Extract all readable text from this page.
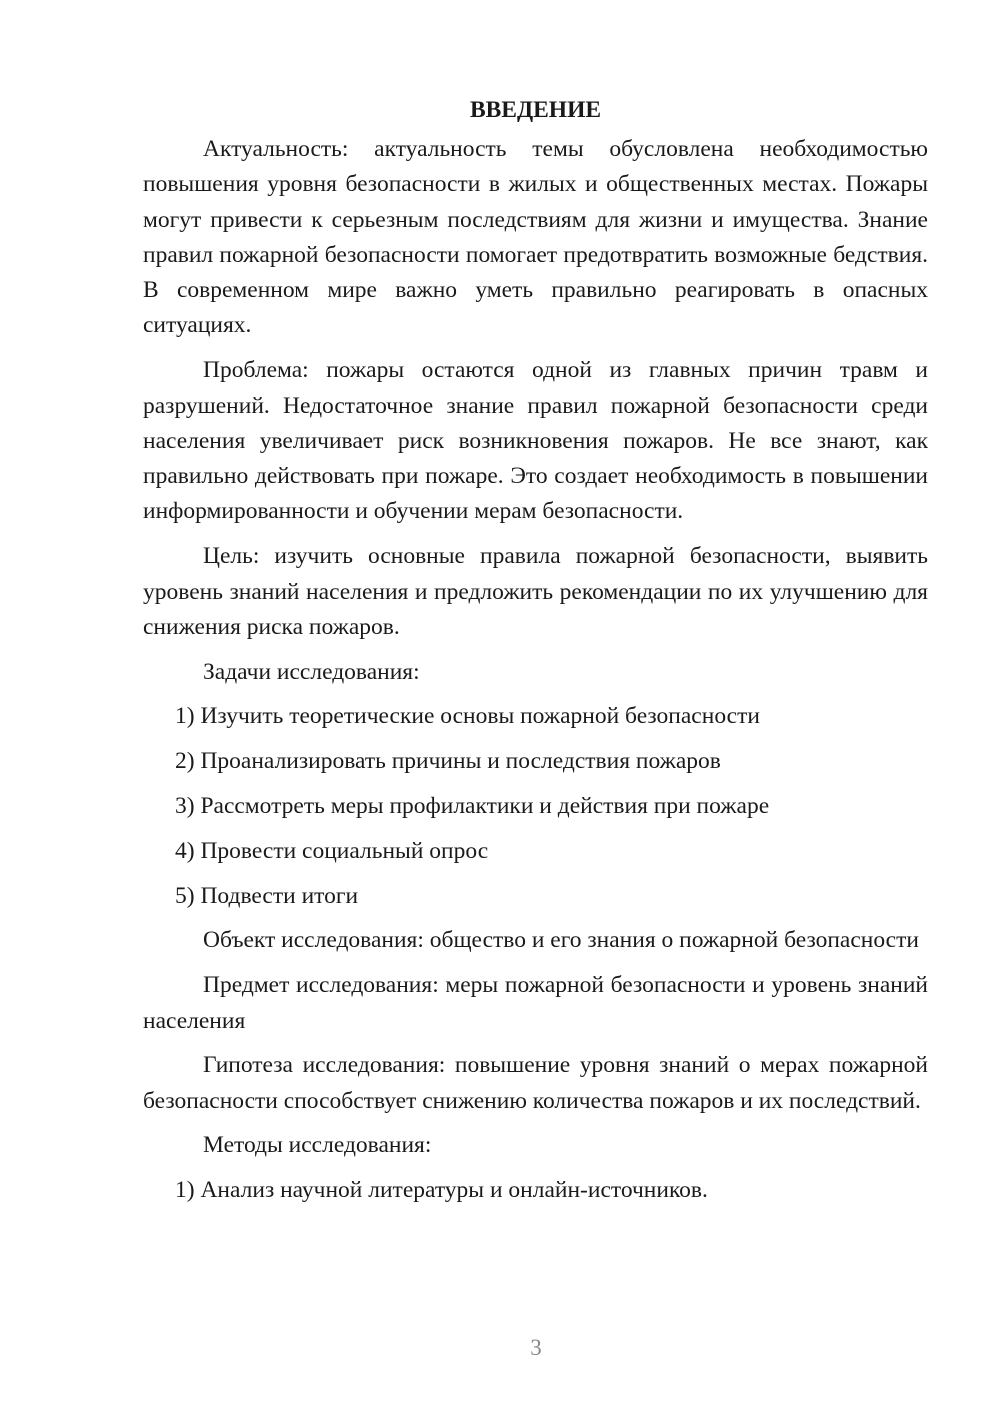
ВВЕДЕНИЕ

Актуальность: актуальность темы обусловлена необходимостью повышения уровня безопасности в жилых и общественных местах. Пожары могут привести к серьезным последствиям для жизни и имущества. Знание правил пожарной безопасности помогает предотвратить возможные бедствия. В современном мире важно уметь правильно реагировать в опасных ситуациях.

Проблема: пожары остаются одной из главных причин травм и разрушений. Недостаточное знание правил пожарной безопасности среди населения увеличивает риск возникновения пожаров. Не все знают, как правильно действовать при пожаре. Это создает необходимость в повышении информированности и обучении мерам безопасности.

Цель: изучить основные правила пожарной безопасности, выявить уровень знаний населения и предложить рекомендации по их улучшению для снижения риска пожаров.

Задачи исследования:

1) Изучить теоретические основы пожарной безопасности

2) Проанализировать причины и последствия пожаров

3) Рассмотреть меры профилактики и действия при пожаре

4) Провести социальный опрос

5) Подвести итоги

Объект исследования: общество и его знания о пожарной безопасности

Предмет исследования: меры пожарной безопасности и уровень знаний населения

Гипотеза исследования: повышение уровня знаний о мерах пожарной безопасности способствует снижению количества пожаров и их последствий.

Методы исследования:

1) Анализ научной литературы и онлайн-источников.

3
